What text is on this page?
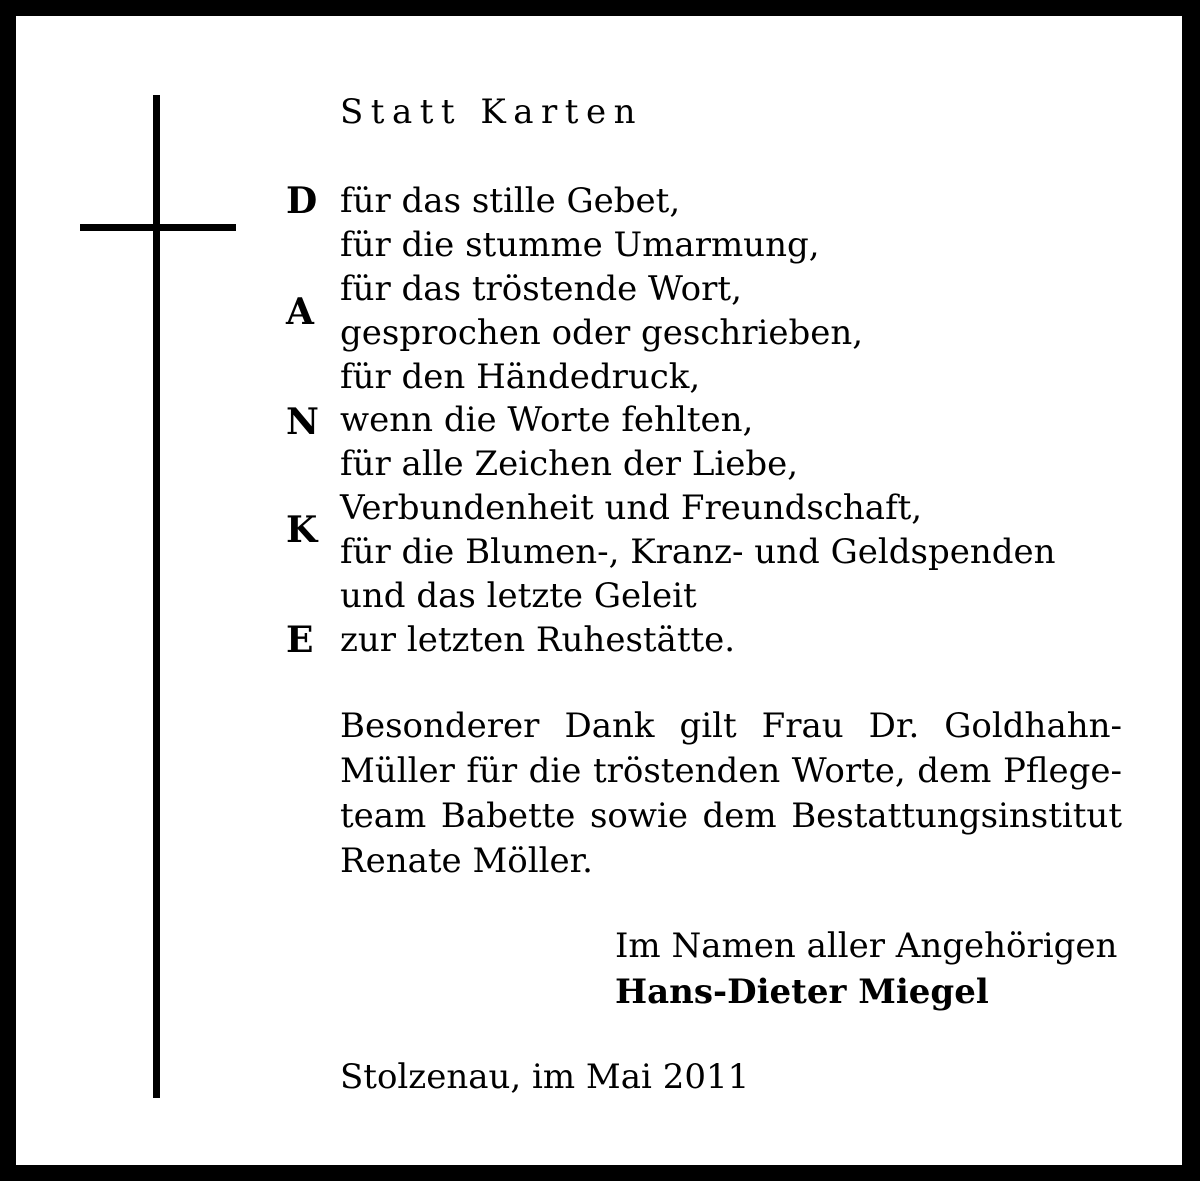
Statt Karten
D
A
N
K
E
für das stille Gebet,
für die stumme Umarmung,
für das tröstende Wort,
gesprochen oder geschrieben,
für den Händedruck,
wenn die Worte fehlten,
für alle Zeichen der Liebe,
Verbundenheit und Freundschaft,
für die Blumen-, Kranz- und Geldspenden
und das letzte Geleit
zur letzten Ruhestätte.
Besonderer Dank gilt Frau Dr. Goldhahn-
Müller für die tröstenden Worte, dem Pflege-
team Babette sowie dem Bestattungsinstitut
Renate Möller.
Im Namen aller Angehörigen
Hans-Dieter Miegel
Stolzenau, im Mai 2011
